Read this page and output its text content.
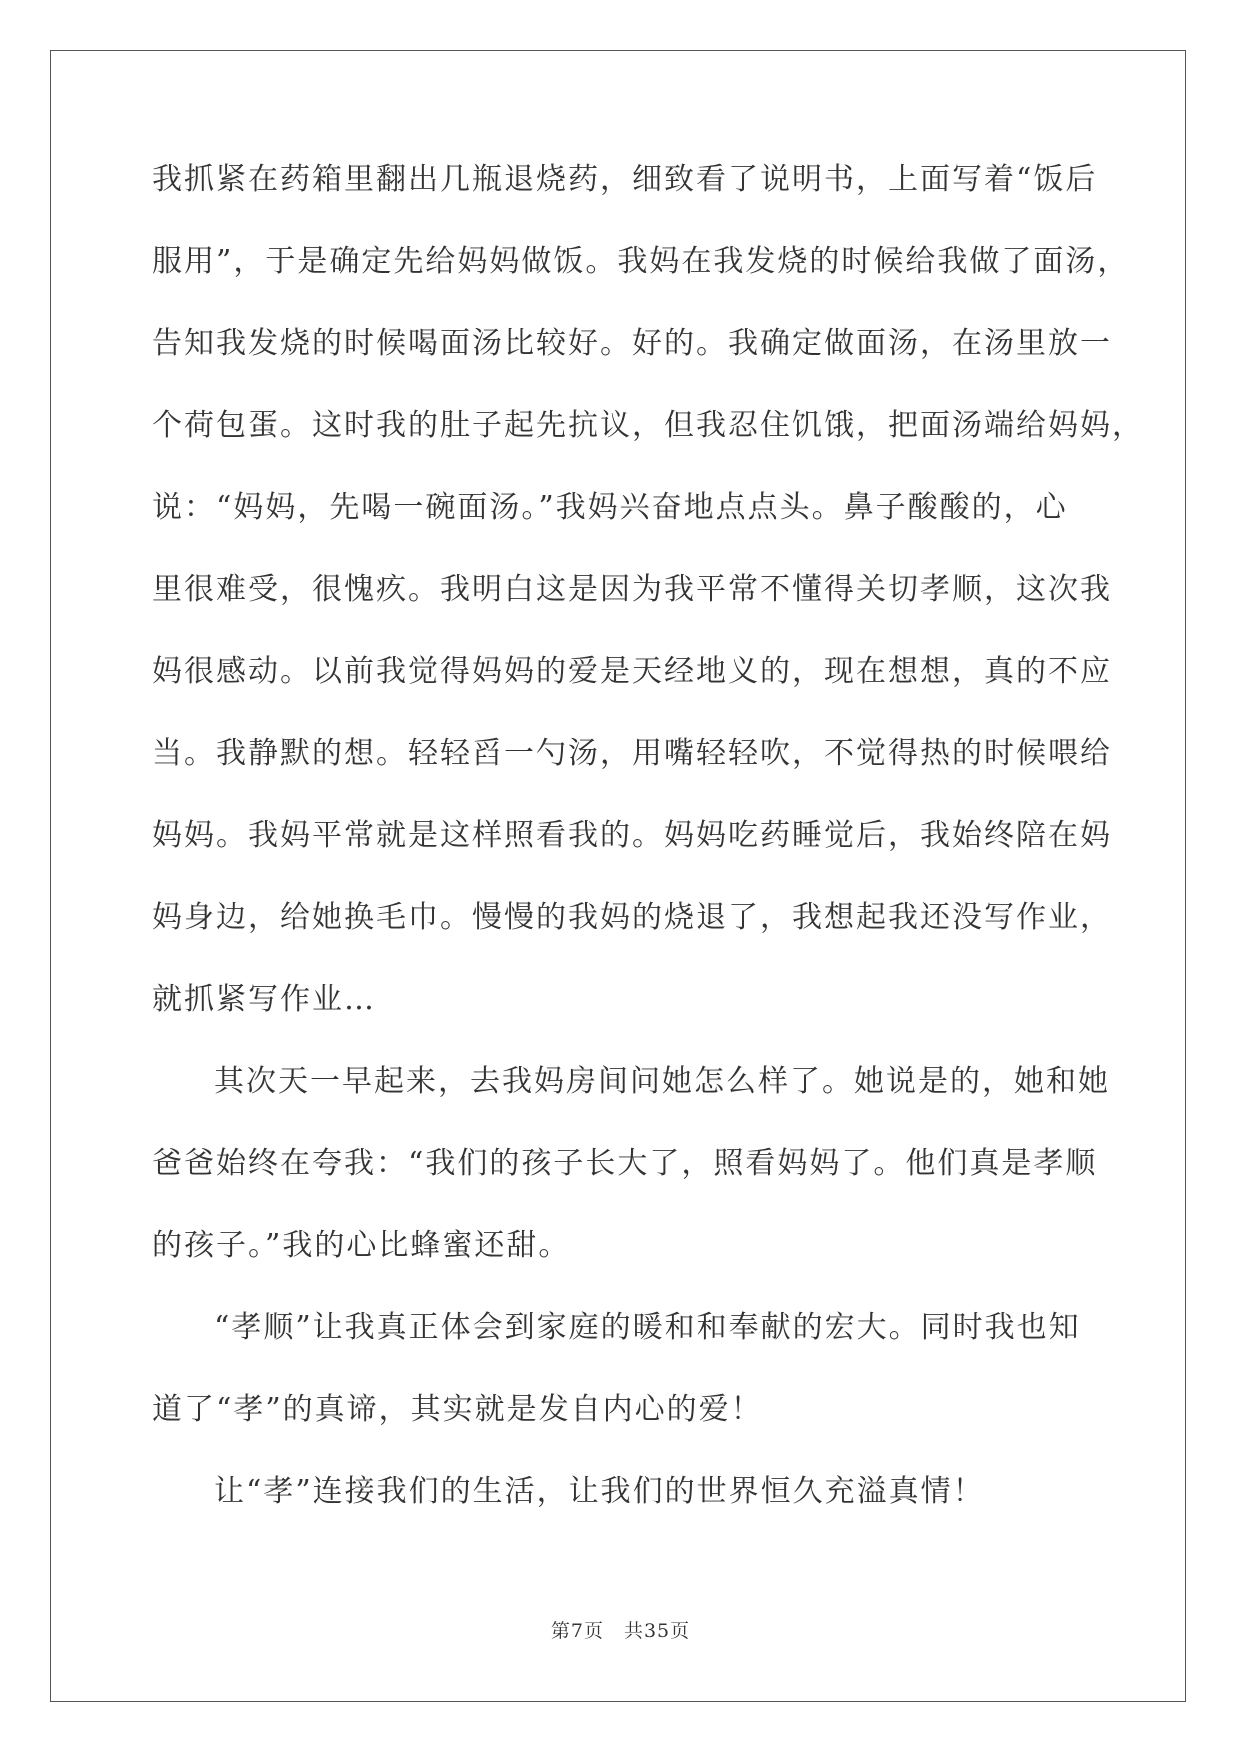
我抓紧在药箱里翻出几瓶退烧药，细致看了说明书，上面写着“饭后
服用”，于是确定先给妈妈做饭。我妈在我发烧的时候给我做了面汤，
告知我发烧的时候喝面汤比较好。好的。我确定做面汤，在汤里放一
个荷包蛋。这时我的肚子起先抗议，但我忍住饥饿，把面汤端给妈妈，
说：“妈妈，先喝一碗面汤。”我妈兴奋地点点头。鼻子酸酸的，心
里很难受，很愧疚。我明白这是因为我平常不懂得关切孝顺，这次我
妈很感动。以前我觉得妈妈的爱是天经地义的，现在想想，真的不应
当。我静默的想。轻轻舀一勺汤，用嘴轻轻吹，不觉得热的时候喂给
妈妈。我妈平常就是这样照看我的。妈妈吃药睡觉后，我始终陪在妈
妈身边，给她换毛巾。慢慢的我妈的烧退了，我想起我还没写作业，
就抓紧写作业…
其次天一早起来，去我妈房间问她怎么样了。她说是的，她和她
爸爸始终在夸我：“我们的孩子长大了，照看妈妈了。他们真是孝顺
的孩子。”我的心比蜂蜜还甜。
“孝顺”让我真正体会到家庭的暖和和奉献的宏大。同时我也知
道了“孝”的真谛，其实就是发自内心的爱！
让“孝”连接我们的生活，让我们的世界恒久充溢真情！
第7页 共35页
